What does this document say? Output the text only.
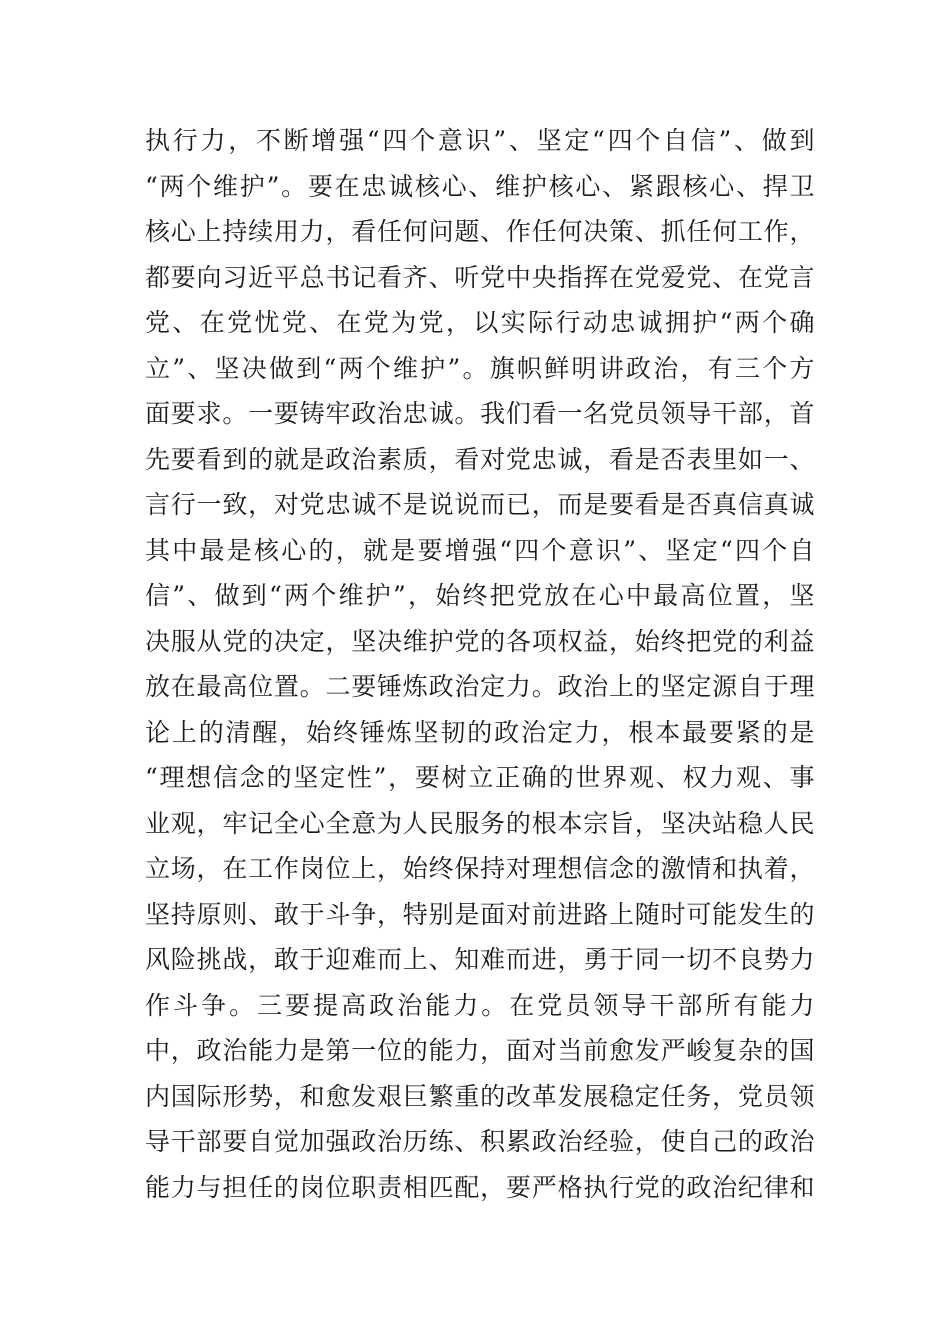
执行力，不断增强“四个意识”、坚定“四个自信”、做到
“两个维护”。要在忠诚核心、维护核心、紧跟核心、捍卫
核心上持续用力，看任何问题、作任何决策、抓任何工作，
都要向习近平总书记看齐、听党中央指挥在党爱党、在党言
党、在党忧党、在党为党，以实际行动忠诚拥护“两个确
立”、坚决做到“两个维护”。旗帜鲜明讲政治，有三个方
面要求。一要铸牢政治忠诚。我们看一名党员领导干部，首
先要看到的就是政治素质，看对党忠诚，看是否表里如一、
言行一致，对党忠诚不是说说而已，而是要看是否真信真诚
其中最是核心的，就是要增强“四个意识”、坚定“四个自
信”、做到“两个维护”，始终把党放在心中最高位置，坚
决服从党的决定，坚决维护党的各项权益，始终把党的利益
放在最高位置。二要锤炼政治定力。政治上的坚定源自于理
论上的清醒，始终锤炼坚韧的政治定力，根本最要紧的是
“理想信念的坚定性”，要树立正确的世界观、权力观、事
业观，牢记全心全意为人民服务的根本宗旨，坚决站稳人民
立场，在工作岗位上，始终保持对理想信念的激情和执着，
坚持原则、敢于斗争，特别是面对前进路上随时可能发生的
风险挑战，敢于迎难而上、知难而进，勇于同一切不良势力
作斗争。三要提高政治能力。在党员领导干部所有能力
中，政治能力是第一位的能力，面对当前愈发严峻复杂的国
内国际形势，和愈发艰巨繁重的改革发展稳定任务，党员领
导干部要自觉加强政治历练、积累政治经验，使自己的政治
能力与担任的岗位职责相匹配，要严格执行党的政治纪律和
